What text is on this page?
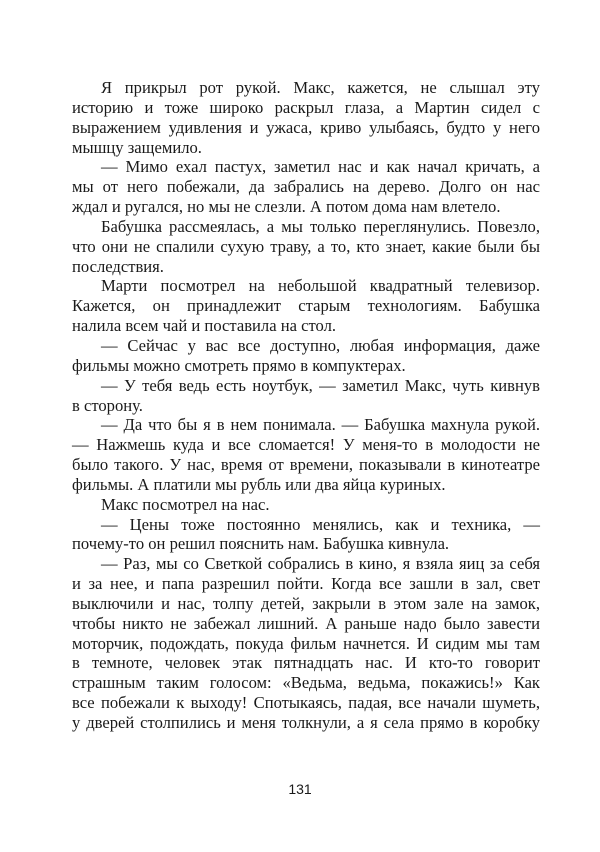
Я прикрыл рот рукой. Макс, кажется, не слышал эту
историю и тоже широко раскрыл глаза, а Мартин сидел с
выражением удивления и ужаса, криво улыбаясь, будто у него
мышцу защемило.
— Мимо ехал пастух, заметил нас и как начал кричать, а
мы от него побежали, да забрались на дерево. Долго он нас
ждал и ругался, но мы не слезли. А потом дома нам влетело.
Бабушка рассмеялась, а мы только переглянулись. Повезло,
что они не спалили сухую траву, а то, кто знает, какие были бы
последствия.
Марти посмотрел на небольшой квадратный телевизор.
Кажется, он принадлежит старым технологиям. Бабушка
налила всем чай и поставила на стол.
— Сейчас у вас все доступно, любая информация, даже
фильмы можно смотреть прямо в компуктерах.
— У тебя ведь есть ноутбук, — заметил Макс, чуть кивнув
в сторону.
— Да что бы я в нем понимала. — Бабушка махнула рукой.
— Нажмешь куда и все сломается! У меня-то в молодости не
было такого. У нас, время от времени, показывали в кинотеатре
фильмы. А платили мы рубль или два яйца куриных.
Макс посмотрел на нас.
— Цены тоже постоянно менялись, как и техника, —
почему-то он решил пояснить нам. Бабушка кивнула.
— Раз, мы со Светкой собрались в кино, я взяла яиц за себя
и за нее, и папа разрешил пойти. Когда все зашли в зал, свет
выключили и нас, толпу детей, закрыли в этом зале на замок,
чтобы никто не забежал лишний. А раньше надо было завести
моторчик, подождать, покуда фильм начнется. И сидим мы там
в темноте, человек этак пятнадцать нас. И кто-то говорит
страшным таким голосом: «Ведьма, ведьма, покажись!» Как
все побежали к выходу! Спотыкаясь, падая, все начали шуметь,
у дверей столпились и меня толкнули, а я села прямо в коробку
131
